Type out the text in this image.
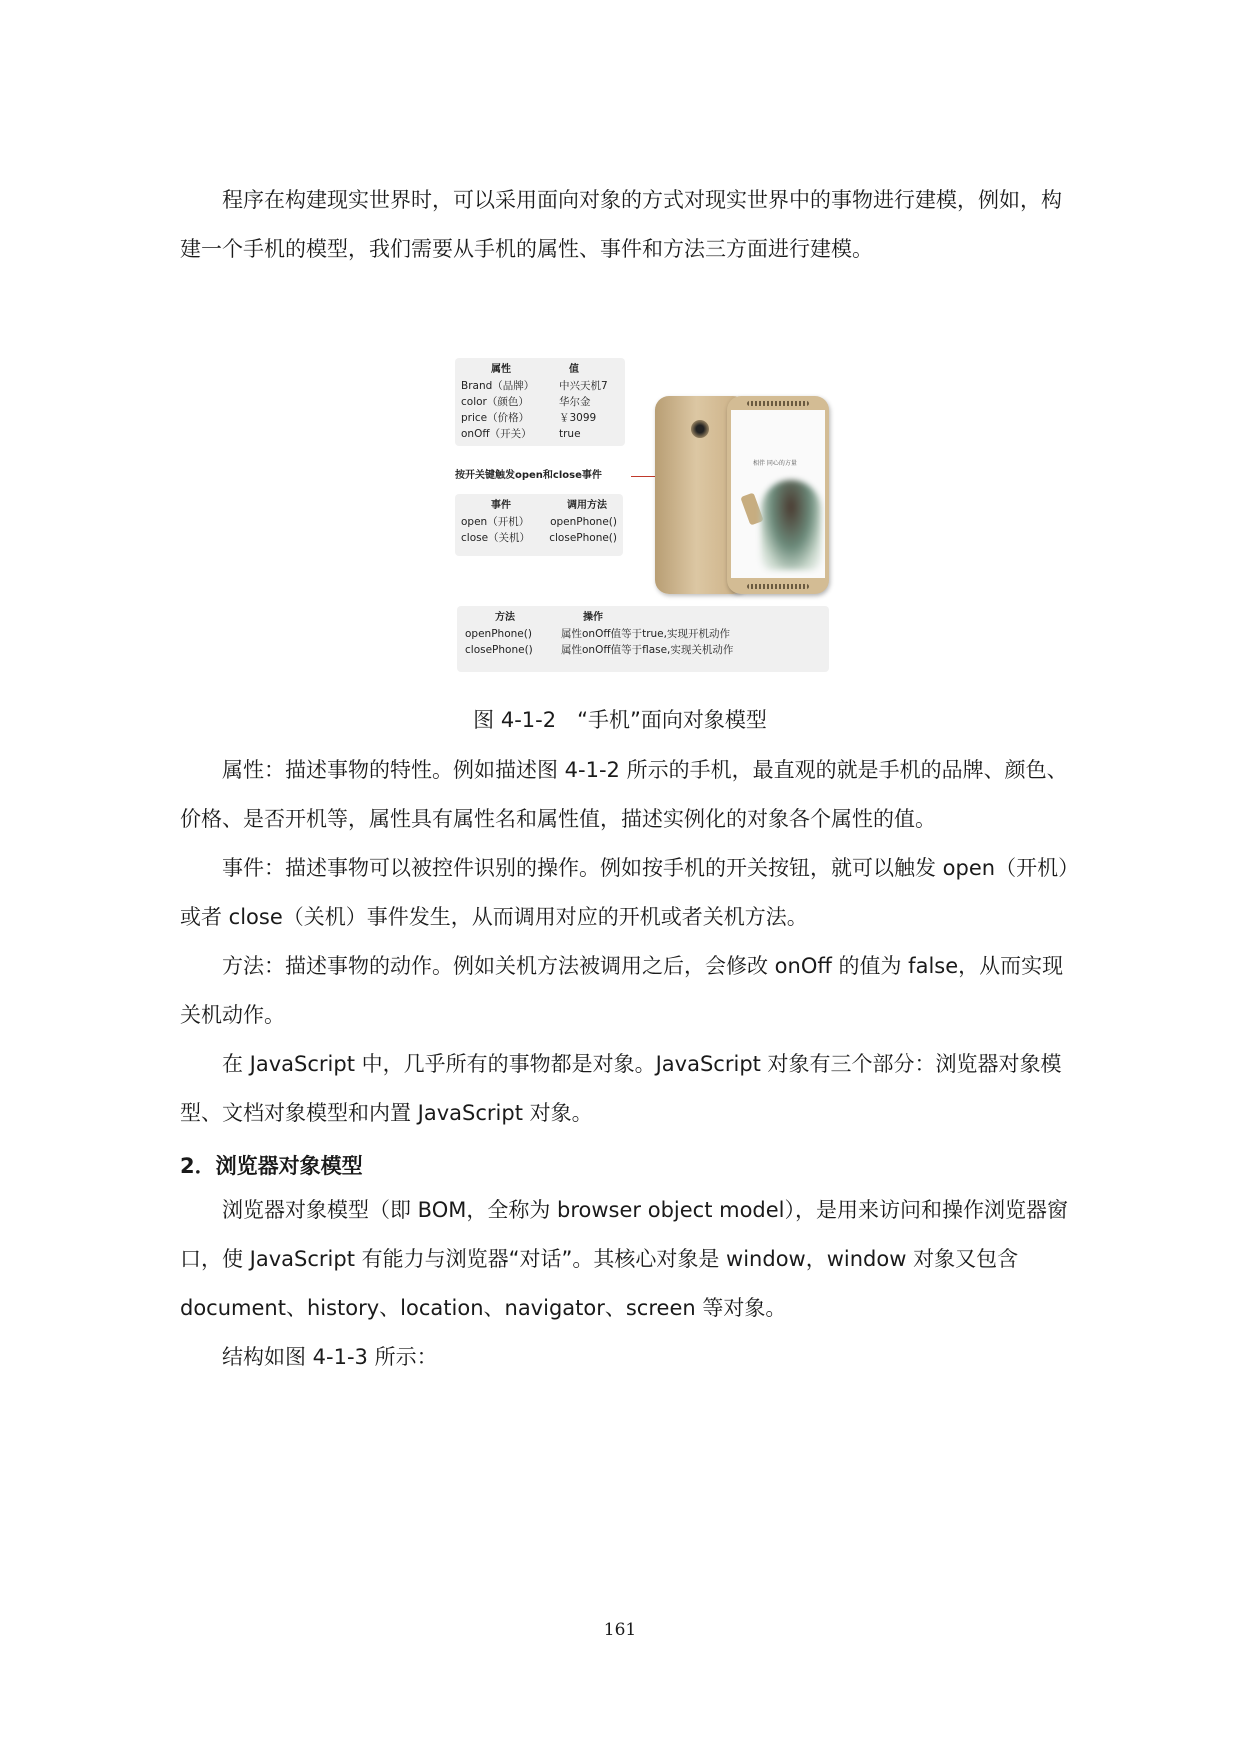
程序在构建现实世界时，可以采用面向对象的方式对现实世界中的事物进行建模，例如，构建一个手机的模型，我们需要从手机的属性、事件和方法三方面进行建模。

属性	值
Brand（品牌）	中兴天机7
color（颜色）	华尔金
price（价格）	￥3099
onOff（开关）	true
按开关键触发open和close事件
事件	调用方法
open（开机）	openPhone()
close（关机）	closePhone()
相伴 同心的方量
方法	操作
openPhone()	属性onOff值等于true,实现开机动作
closePhone()	属性onOff值等于flase,实现关机动作
图 4-1-2　“手机”面向对象模型

属性：描述事物的特性。例如描述图 4-1-2 所示的手机，最直观的就是手机的品牌、颜色、价格、是否开机等，属性具有属性名和属性值，描述实例化的对象各个属性的值。

事件：描述事物可以被控件识别的操作。例如按手机的开关按钮，就可以触发 open（开机）或者 close（关机）事件发生，从而调用对应的开机或者关机方法。

方法：描述事物的动作。例如关机方法被调用之后，会修改 onOff 的值为 false，从而实现关机动作。

在 JavaScript 中，几乎所有的事物都是对象。JavaScript 对象有三个部分：浏览器对象模型、文档对象模型和内置 JavaScript 对象。

2．浏览器对象模型

浏览器对象模型（即 BOM，全称为 browser object model），是用来访问和操作浏览器窗口，使 JavaScript 有能力与浏览器“对话”。其核心对象是 window，window 对象又包含 document、history、location、navigator、screen 等对象。

结构如图 4-1-3 所示：

161
